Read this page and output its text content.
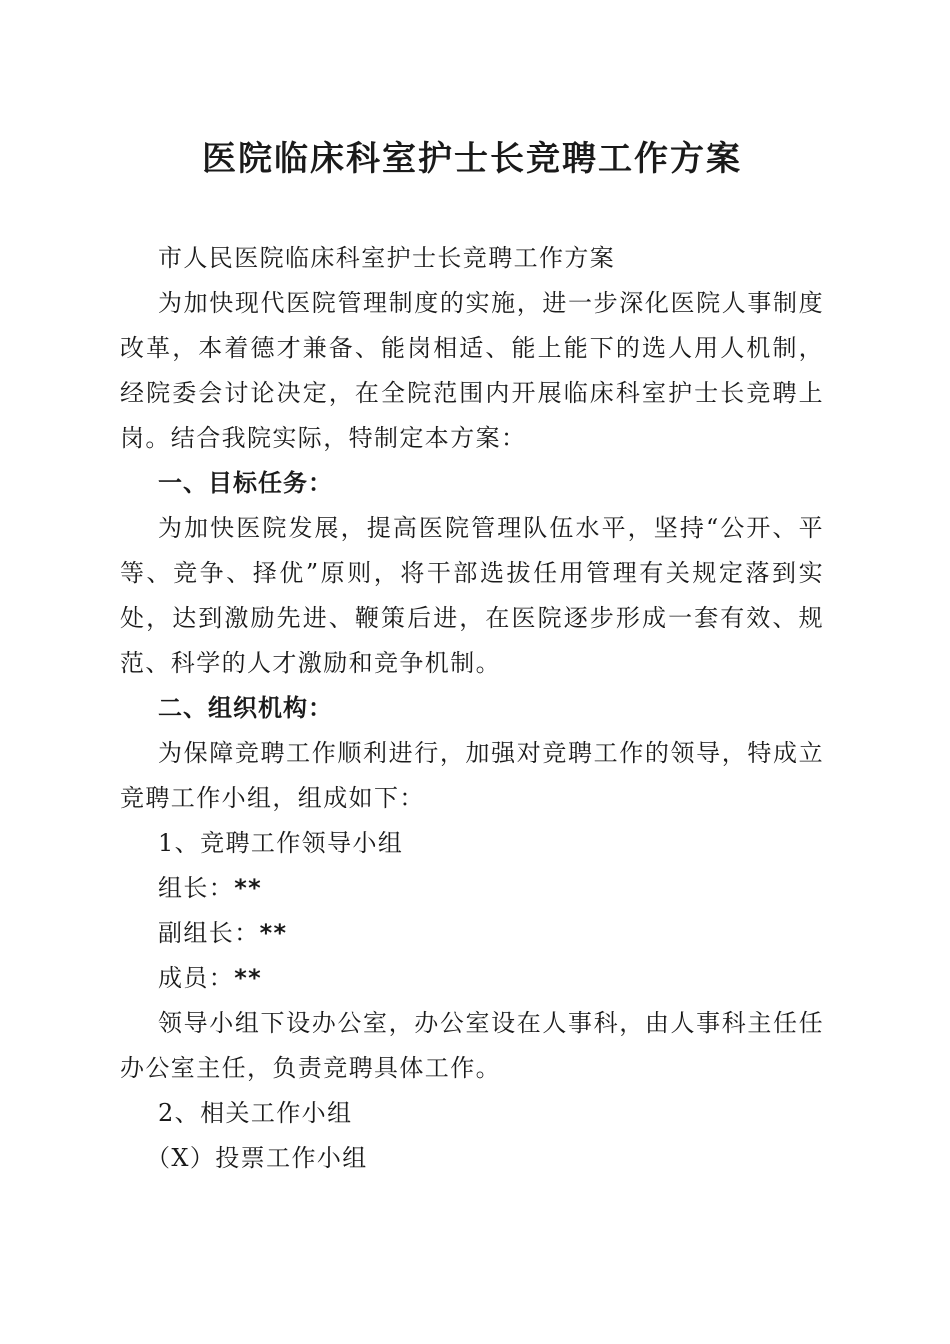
医院临床科室护士长竞聘工作方案

市人民医院临床科室护士长竞聘工作方案

为加快现代医院管理制度的实施，进一步深化医院人事制度改革，本着德才兼备、能岗相适、能上能下的选人用人机制，经院委会讨论决定，在全院范围内开展临床科室护士长竞聘上岗。结合我院实际，特制定本方案：

一、目标任务：

为加快医院发展，提高医院管理队伍水平，坚持“公开、平等、竞争、择优”原则，将干部选拔任用管理有关规定落到实处，达到激励先进、鞭策后进，在医院逐步形成一套有效、规范、科学的人才激励和竞争机制。

二、组织机构：

为保障竞聘工作顺利进行，加强对竞聘工作的领导，特成立竞聘工作小组，组成如下：

1、竞聘工作领导小组

组长：**

副组长：**

成员：**

领导小组下设办公室，办公室设在人事科，由人事科主任任办公室主任，负责竞聘具体工作。

2、相关工作小组

（X）投票工作小组
